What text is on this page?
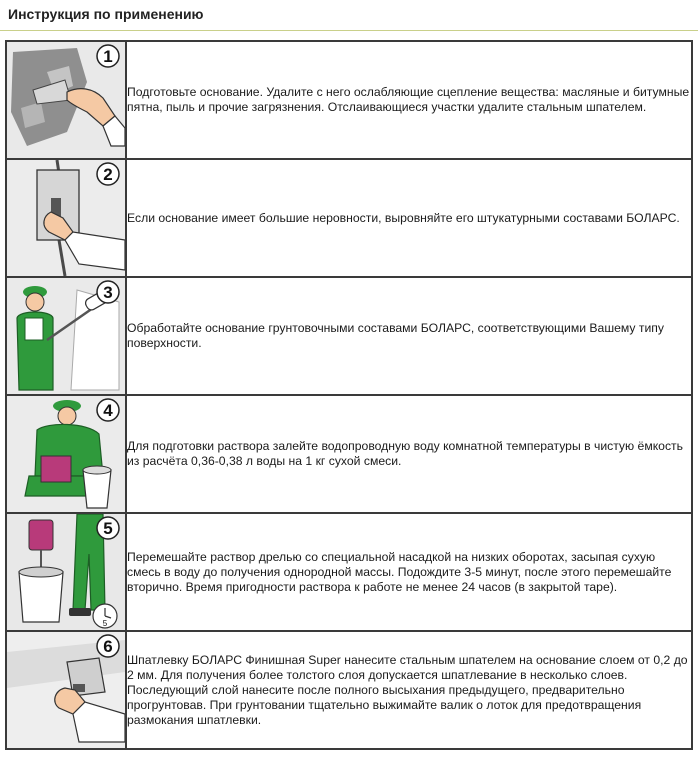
Инструкция по применению
1	Подготовьте основание. Удалите с него ослабляющие сцепление вещества: масляные и битумные пятна, пыль и прочие загрязнения. Отслаивающиеся участки удалите стальным шпателем.

2	Если основание имеет большие неровности, выровняйте его штукатурными составами БОЛАРС.

3	Обработайте основание грунтовочными составами БОЛАРС, соответствующими Вашему типу поверхности.

4	Для подготовки раствора залейте водопроводную воду комнатной температуры в чистую ёмкость из расчёта 0,36-0,38 л воды на 1 кг сухой смеси.

5
5	Перемешайте раствор дрелью со специальной насадкой на низких оборотах, засыпая сухую смесь в воду до получения однородной массы. Подождите 3-5 минут, после этого перемешайте вторично. Время пригодности раствора к работе не менее 24 часов (в закрытой таре).

6	Шпатлевку БОЛАРС Финишная Super нанесите стальным шпателем на основание слоем от 0,2 до 2 мм. Для получения более толстого слоя допускается шпатлевание в несколько слоев. Последующий слой нанесите после полного высыхания предыдущего, предварительно прогрунтовав. При грунтовании тщательно выжимайте валик о лоток для предотвращения размокания шпатлевки.
